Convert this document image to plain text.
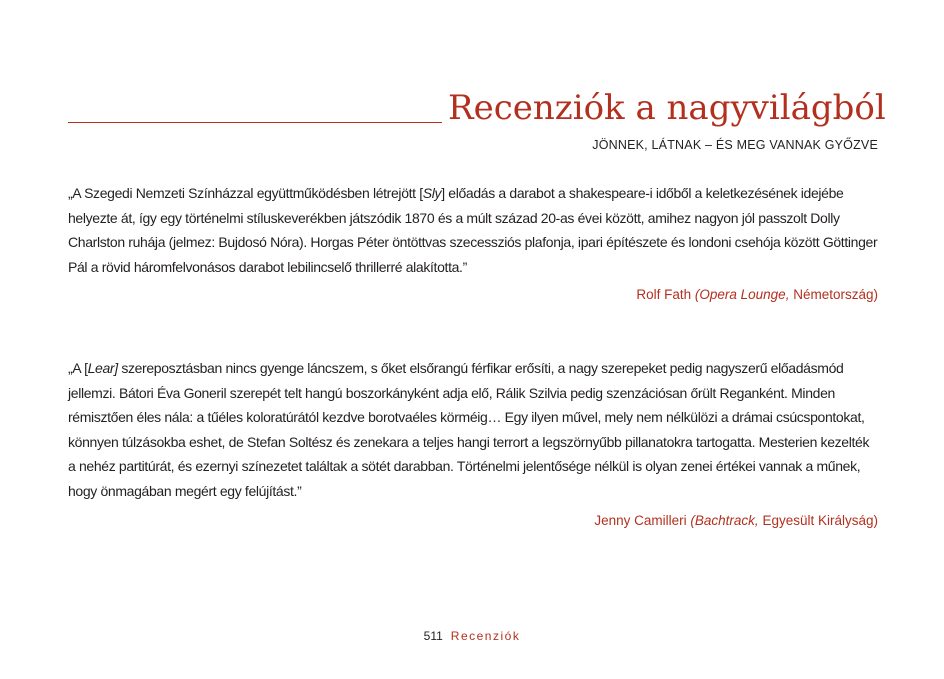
Recenziók a nagyvilágból
JÖNNEK, LÁTNAK – ÉS MEG VANNAK GYŐZVE

„A Szegedi Nemzeti Színházzal együttműködésben létrejött [Sly] előadás a darabot a shakespeare-i időből a keletkezésének idejébe helyezte át, így egy történelmi stíluskeverékben játszódik 1870 és a múlt század 20-as évei között, amihez nagyon jól passzolt Dolly Charlston ruhája (jelmez: Bujdosó Nóra). Horgas Péter öntöttvas szecessziós plafonja, ipari építészete és londoni csehója között Göttinger Pál a rövid háromfelvonásos darabot lebilincselő thrillerré alakította.”

Rolf Fath (Opera Lounge, Németország)

„A [Lear] szereposztásban nincs gyenge láncszem, s őket elsőrangú férfikar erősíti, a nagy szerepeket pedig nagyszerű előadásmód jellemzi. Bátori Éva Goneril szerepét telt hangú boszorkányként adja elő, Rálik Szilvia pedig szenzációsan őrült Reganként. Minden rémisztően éles nála: a tűéles koloratúrától kezdve borotvaéles körméig… Egy ilyen művel, mely nem nélkülözi a drámai csúcspontokat, könnyen túlzásokba eshet, de Stefan Soltész és zenekara a teljes hangi terrort a legszörnyűbb pillanatokra tartogatta. Mesterien kezelték a nehéz partitúrát, és ezernyi színezetet találtak a sötét darabban. Történelmi jelentősége nélkül is olyan zenei értékei vannak a műnek, hogy önmagában megért egy felújítást.”

Jenny Camilleri (Bachtrack, Egyesült Királyság)
511 Recenziók
